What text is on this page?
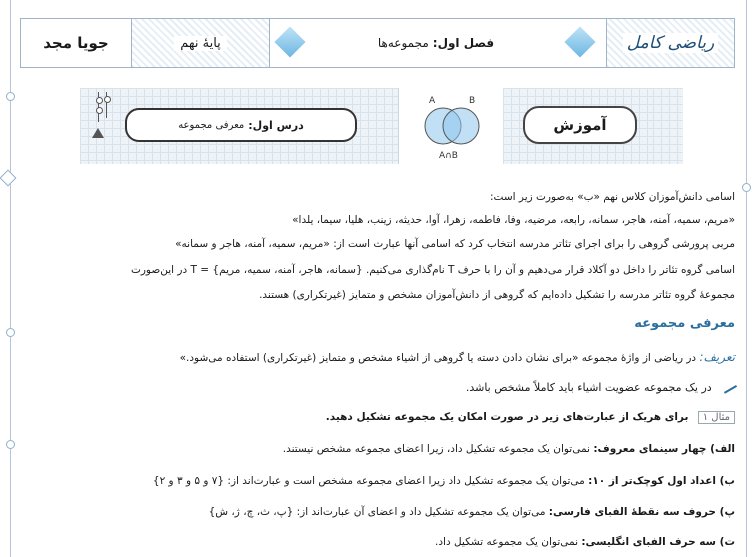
جویا مجد	پایهٔ نهم	فصل اول:
مجموعه‌ها	ریاضی کامل
درس اول:
معرفی مجموعه
A	B
A∩B
آموزش
اسامی دانش‌آموزان کلاس نهم «ب» به‌صورت زیر است:
«مریم، سمیه، آمنه، هاجر، سمانه، رابعه، مرضیه، وفا، فاطمه، زهرا، آوا، حدیثه، زینب، هلیا، سیما، یلدا»
مربی پرورشی گروهی را برای اجرای تئاتر مدرسه انتخاب کرد که اسامی آنها عبارت است از: «مریم، سمیه، آمنه، هاجر و سمانه»
اسامی گروه تئاتر را داخل دو آکلاد قرار می‌دهیم و آن را با حرف T نام‌گذاری می‌کنیم. {سمانه، هاجر، آمنه، سمیه، مریم} = T در این‌صورت
مجموعهٔ گروه تئاتر مدرسه را تشکیل داده‌ایم که گروهی از دانش‌آموزان مشخص و متمایز (غیرتکراری) هستند.
معرفی مجموعه
تعریف: در ریاضی از واژهٔ مجموعه «برای نشان دادن دسته یا گروهی از اشیاء مشخص و متمایز (غیرتکراری) استفاده می‌شود.»
در یک مجموعه عضویت اشیاء باید کاملاً مشخص باشد.
مثال ۱ برای هریک از عبارت‌های زیر در صورت امکان یک مجموعه تشکیل دهید.
الف) چهار سینمای معروف: نمی‌توان یک مجموعه تشکیل داد، زیرا اعضای مجموعه مشخص نیستند.
ب) اعداد اول کوچک‌تر از ۱۰: می‌توان یک مجموعه تشکیل داد زیرا اعضای مجموعه مشخص است و عبارت‌اند از: {۷ و ۵ و ۳ و ۲}
پ) حروف سه نقطهٔ الفبای فارسی: می‌توان یک مجموعه تشکیل داد و اعضای آن عبارت‌اند از: {پ، ث، چ، ژ، ش}
ت) سه حرف الفبای انگلیسی: نمی‌توان یک مجموعه تشکیل داد.
